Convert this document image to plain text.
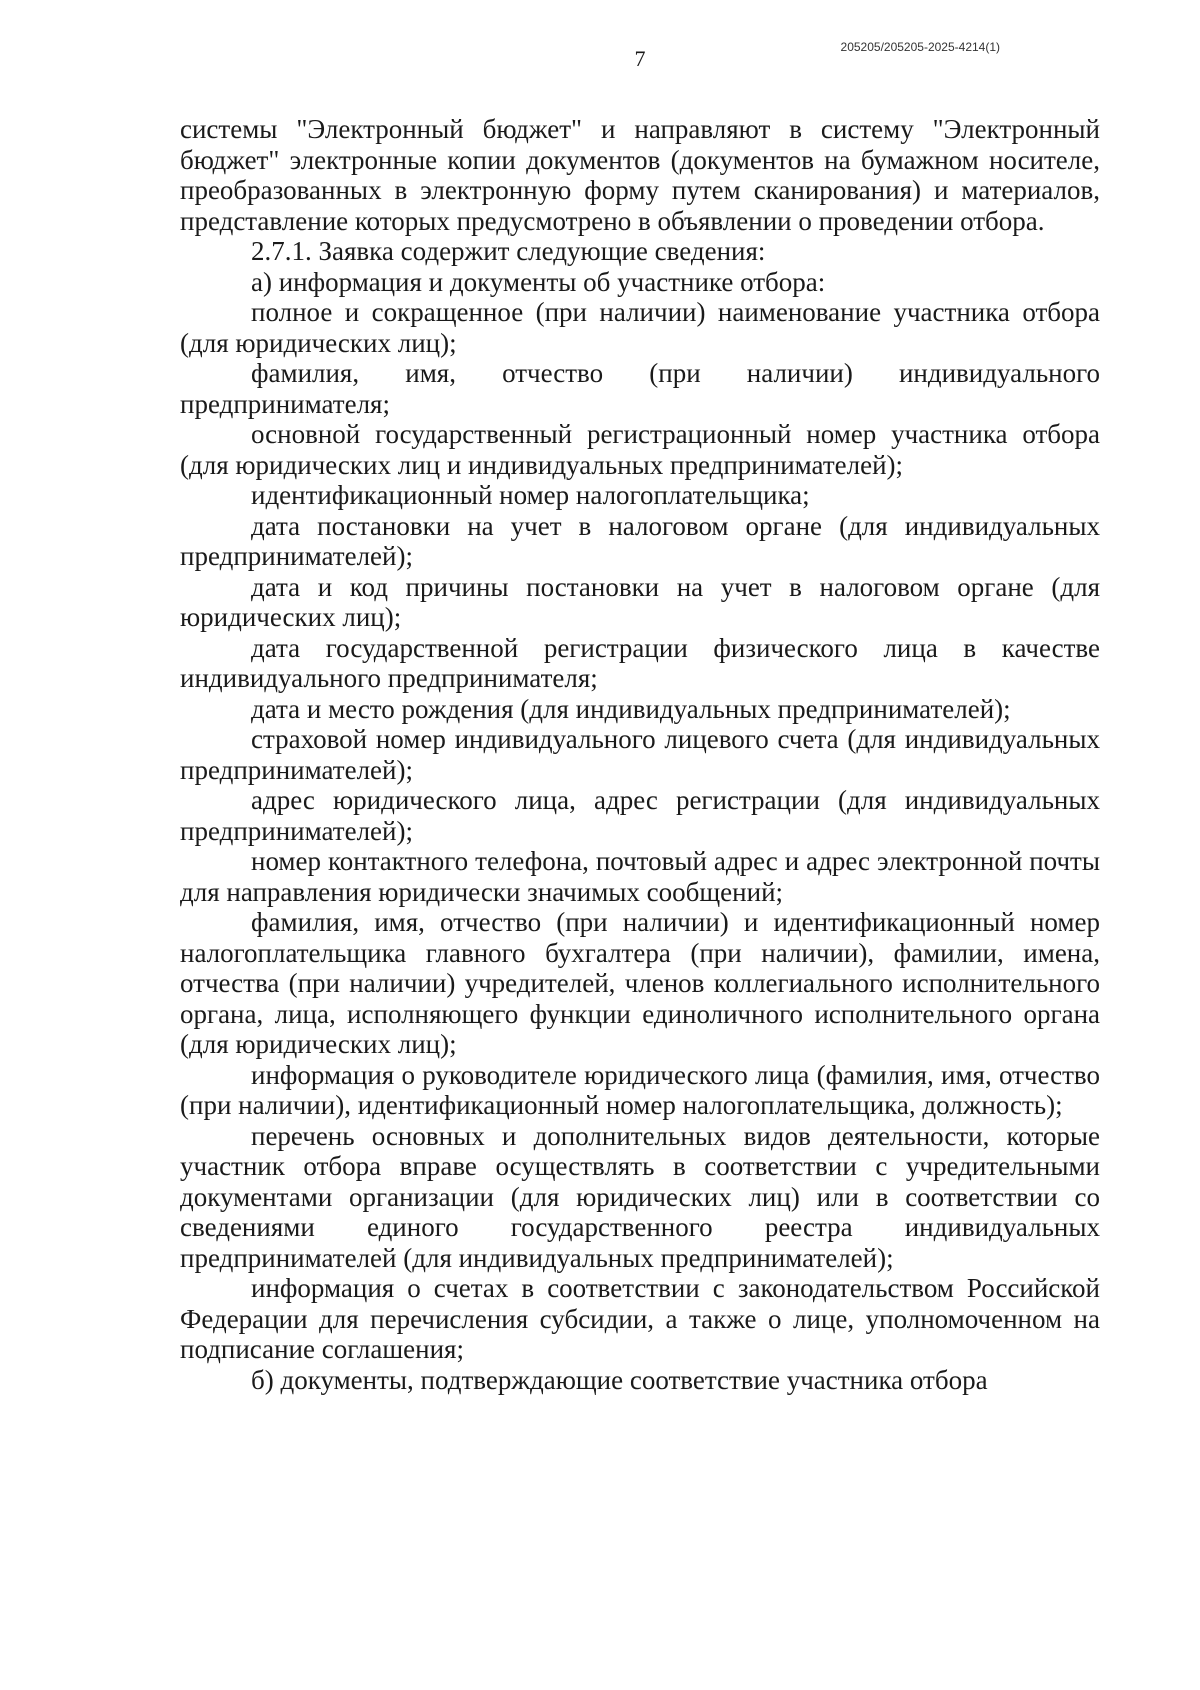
7	205205/205205-2025-4214(1)

системы "Электронный бюджет" и направляют в систему "Электронный бюджет" электронные копии документов (документов на бумажном носителе, преобразованных в электронную форму путем сканирования) и материалов, представление которых предусмотрено в объявлении о проведении отбора.

2.7.1. Заявка содержит следующие сведения:

а) информация и документы об участнике отбора:

полное и сокращенное (при наличии) наименование участника отбора (для юридических лиц);

фамилия, имя, отчество (при наличии) индивидуального предпринимателя;

основной государственный регистрационный номер участника отбора (для юридических лиц и индивидуальных предпринимателей);

идентификационный номер налогоплательщика;

дата постановки на учет в налоговом органе (для индивидуальных предпринимателей);

дата и код причины постановки на учет в налоговом органе (для юридических лиц);

дата государственной регистрации физического лица в качестве индивидуального предпринимателя;

дата и место рождения (для индивидуальных предпринимателей);

страховой номер индивидуального лицевого счета (для индивидуальных предпринимателей);

адрес юридического лица, адрес регистрации (для индивидуальных предпринимателей);

номер контактного телефона, почтовый адрес и адрес электронной почты для направления юридически значимых сообщений;

фамилия, имя, отчество (при наличии) и идентификационный номер налогоплательщика главного бухгалтера (при наличии), фамилии, имена, отчества (при наличии) учредителей, членов коллегиального исполнительного органа, лица, исполняющего функции единоличного исполнительного органа (для юридических лиц);

информация о руководителе юридического лица (фамилия, имя, отчество (при наличии), идентификационный номер налогоплательщика, должность);

перечень основных и дополнительных видов деятельности, которые участник отбора вправе осуществлять в соответствии с учредительными документами организации (для юридических лиц) или в соответствии со сведениями единого государственного реестра индивидуальных предпринимателей (для индивидуальных предпринимателей);

информация о счетах в соответствии с законодательством Российской Федерации для перечисления субсидии, а также о лице, уполномоченном на подписание соглашения;

б) документы, подтверждающие соответствие участника отбора
